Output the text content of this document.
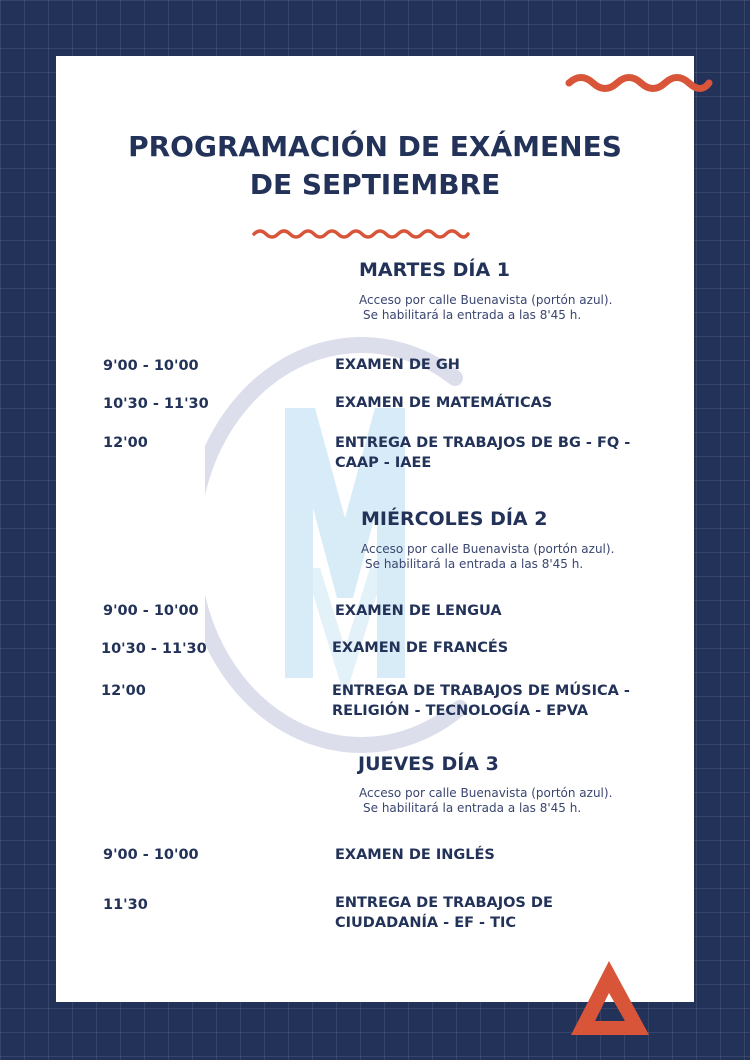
PROGRAMACIÓN DE EXÁMENES
DE SEPTIEMBRE
MARTES DÍA 1
Acceso por calle Buenavista (portón azul).
Se habilitará la entrada a las 8'45 h.
9'00 - 10'00	EXAMEN DE GH
10'30 - 11'30	EXAMEN DE MATEMÁTICAS
12'00	ENTREGA DE TRABAJOS DE BG - FQ - CAAP - IAEE
MIÉRCOLES DÍA 2
Acceso por calle Buenavista (portón azul).
Se habilitará la entrada a las 8'45 h.
9'00 - 10'00	EXAMEN DE LENGUA
10'30 - 11'30	EXAMEN DE FRANCÉS
12'00	ENTREGA DE TRABAJOS DE MÚSICA - RELIGIÓN - TECNOLOGÍA - EPVA
JUEVES DÍA 3
Acceso por calle Buenavista (portón azul).
Se habilitará la entrada a las 8'45 h.
9'00 - 10'00	EXAMEN DE INGLÉS
11'30	ENTREGA DE TRABAJOS DE CIUDADANÍA - EF - TIC
